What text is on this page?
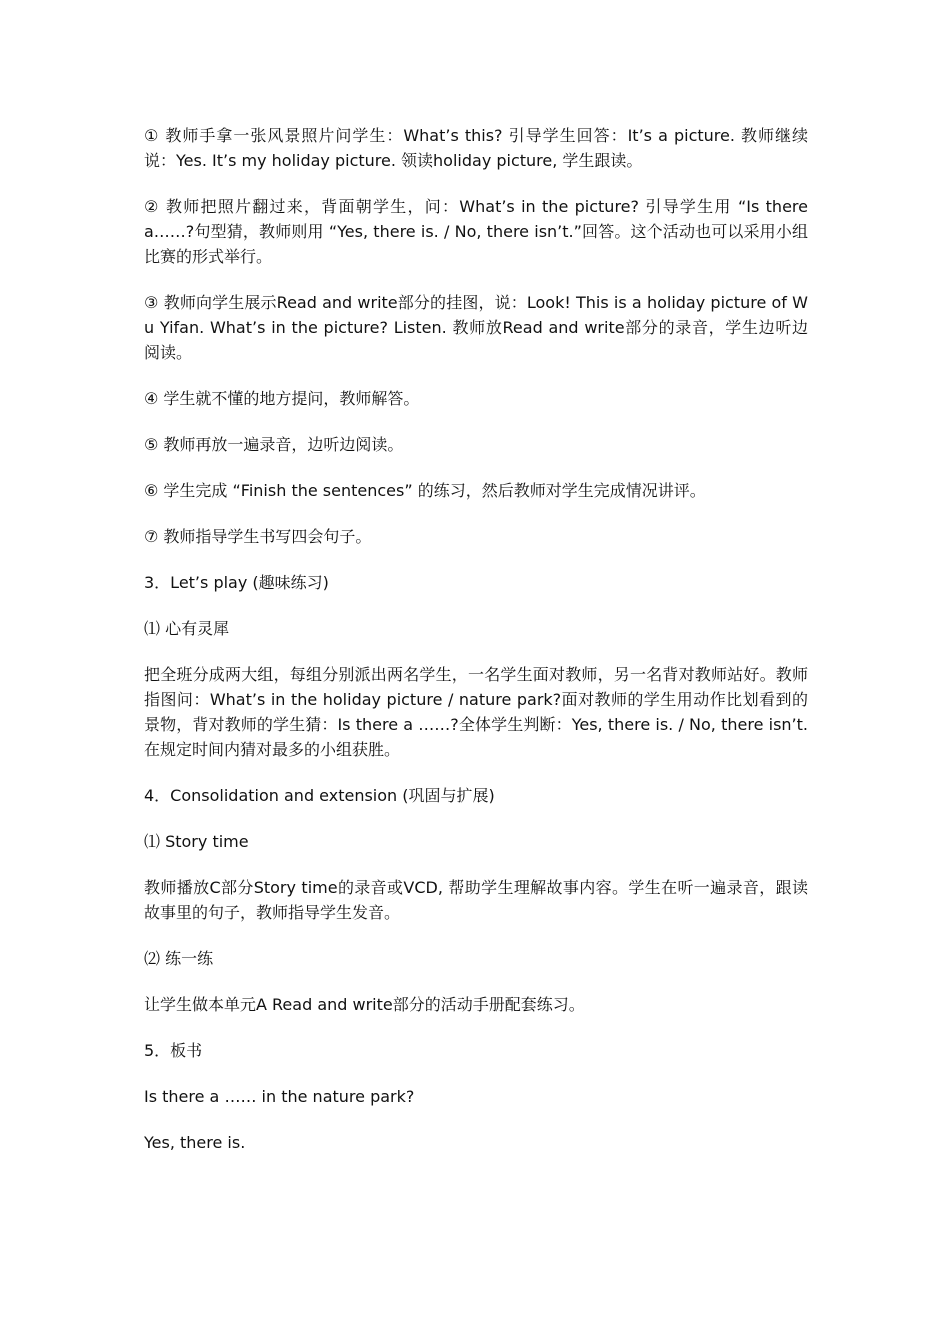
① 教师手拿一张风景照片问学生：What’s this? 引导学生回答：It’s a picture. 教师继续说：Yes. It’s my holiday picture. 领读holiday picture, 学生跟读。

② 教师把照片翻过来，背面朝学生，问：What’s in the picture? 引导学生用 “Is there a……?句型猜，教师则用 “Yes, there is. / No, there isn’t.”回答。这个活动也可以采用小组比赛的形式举行。

③ 教师向学生展示Read and write部分的挂图，说：Look! This is a holiday picture of Wu Yifan. What’s in the picture? Listen. 教师放Read and write部分的录音，学生边听边阅读。

④ 学生就不懂的地方提问，教师解答。

⑤ 教师再放一遍录音，边听边阅读。

⑥ 学生完成 “Finish the sentences” 的练习，然后教师对学生完成情况讲评。

⑦ 教师指导学生书写四会句子。

3．Let’s play (趣味练习)

⑴ 心有灵犀

把全班分成两大组，每组分别派出两名学生，一名学生面对教师，另一名背对教师站好。教师指图问：What’s in the holiday picture / nature park?面对教师的学生用动作比划看到的景物，背对教师的学生猜：Is there a ……?全体学生判断：Yes, there is. / No, there isn’t.在规定时间内猜对最多的小组获胜。

4．Consolidation and extension (巩固与扩展)

⑴ Story time

教师播放C部分Story time的录音或VCD, 帮助学生理解故事内容。学生在听一遍录音，跟读故事里的句子，教师指导学生发音。

⑵ 练一练

让学生做本单元A Read and write部分的活动手册配套练习。

5．板书

Is there a …… in the nature park?

Yes, there is.
